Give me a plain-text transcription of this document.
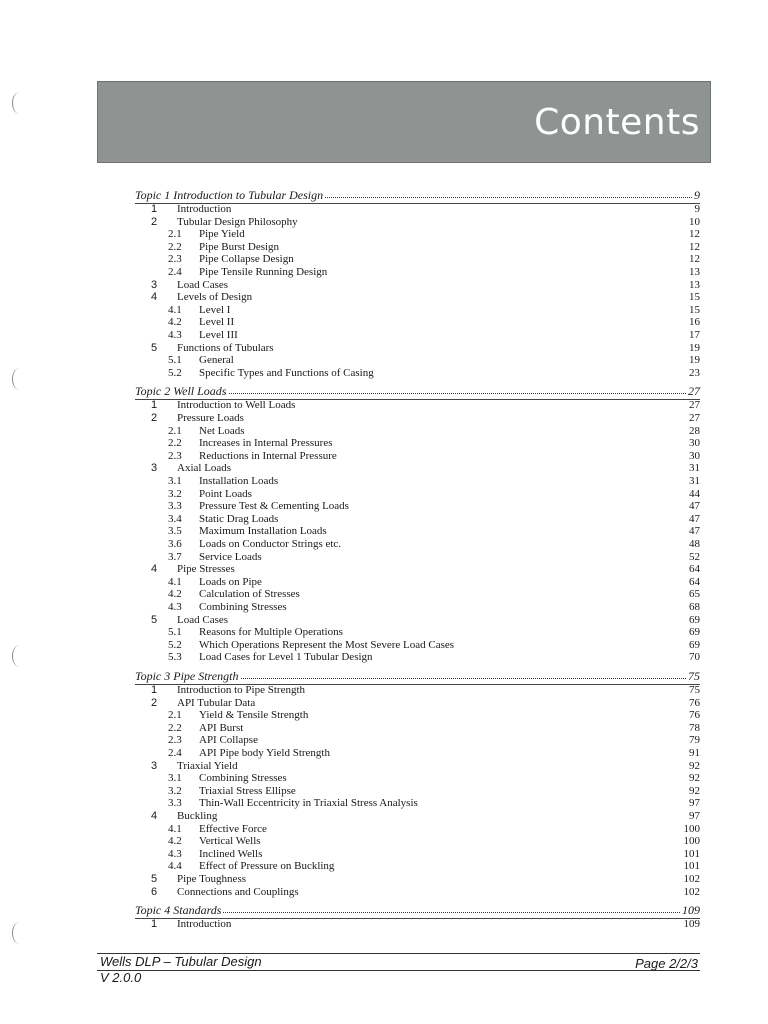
Contents
Topic 1 Introduction to Tubular Design	9
1 Introduction	9
2 Tubular Design Philosophy	10
2.1 Pipe Yield	12
2.2 Pipe Burst Design	12
2.3 Pipe Collapse Design	12
2.4 Pipe Tensile Running Design	13
3 Load Cases	13
4 Levels of Design	15
4.1 Level I	15
4.2 Level II	16
4.3 Level III	17
5 Functions of Tubulars	19
5.1 General	19
5.2 Specific Types and Functions of Casing	23
Topic 2 Well Loads	27
1 Introduction to Well Loads	27
2 Pressure Loads	27
2.1 Net Loads	28
2.2 Increases in Internal Pressures	30
2.3 Reductions in Internal Pressure	30
3 Axial Loads	31
3.1 Installation Loads	31
3.2 Point Loads	44
3.3 Pressure Test & Cementing Loads	47
3.4 Static Drag Loads	47
3.5 Maximum Installation Loads	47
3.6 Loads on Conductor Strings etc.	48
3.7 Service Loads	52
4 Pipe Stresses	64
4.1 Loads on Pipe	64
4.2 Calculation of Stresses	65
4.3 Combining Stresses	68
5 Load Cases	69
5.1 Reasons for Multiple Operations	69
5.2 Which Operations Represent the Most Severe Load Cases	69
5.3 Load Cases for Level 1 Tubular Design	70
Topic 3 Pipe Strength	75
1 Introduction to Pipe Strength	75
2 API Tubular Data	76
2.1 Yield & Tensile Strength	76
2.2 API Burst	78
2.3 API Collapse	79
2.4 API Pipe body Yield Strength	91
3 Triaxial Yield	92
3.1 Combining Stresses	92
3.2 Triaxial Stress Ellipse	92
3.3 Thin-Wall Eccentricity in Triaxial Stress Analysis	97
4 Buckling	97
4.1 Effective Force	100
4.2 Vertical Wells	100
4.3 Inclined Wells	101
4.4 Effect of Pressure on Buckling	101
5 Pipe Toughness	102
6 Connections and Couplings	102
Topic 4 Standards	109
1 Introduction	109
Wells DLP – Tubular Design
V 2.0.0
Page 2/2/3
